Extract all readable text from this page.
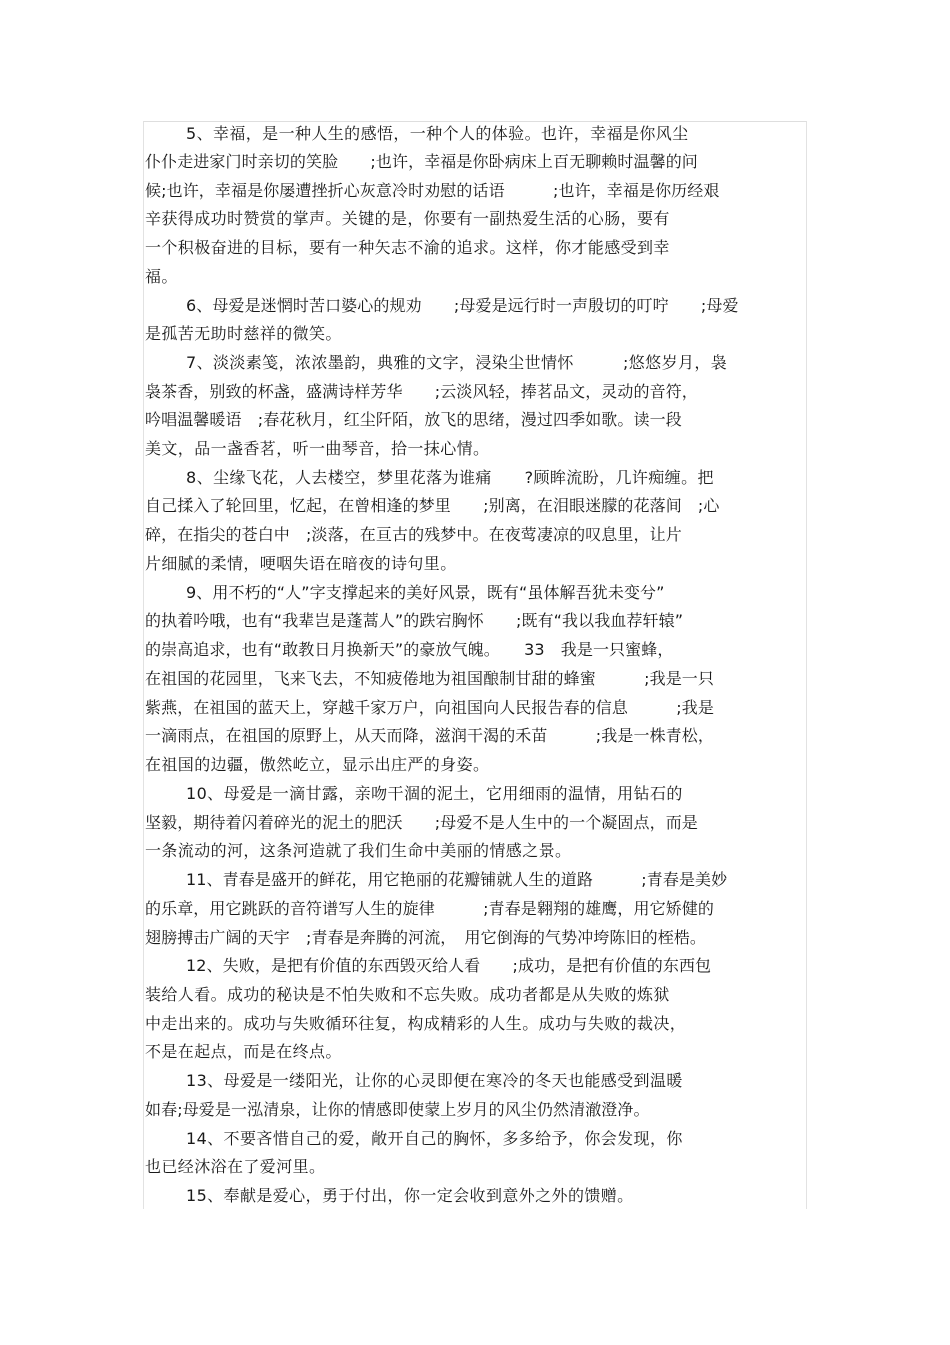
5、幸福，是一种人生的感悟，一种个人的体验。也许，幸福是你风尘
仆仆走进家门时亲切的笑脸　　;也许，幸福是你卧病床上百无聊赖时温馨的问
候;也许，幸福是你屡遭挫折心灰意冷时劝慰的话语　　　;也许，幸福是你历经艰
辛获得成功时赞赏的掌声。关键的是，你要有一副热爱生活的心肠，要有
一个积极奋进的目标，要有一种矢志不渝的追求。这样，你才能感受到幸
福。
6、母爱是迷惘时苦口婆心的规劝　　;母爱是远行时一声殷切的叮咛　　;母爱
是孤苦无助时慈祥的微笑。
7、淡淡素笺，浓浓墨韵，典雅的文字，浸染尘世情怀　　　;悠悠岁月，袅
袅茶香，别致的杯盏，盛满诗样芳华　　;云淡风轻，捧茗品文，灵动的音符，
吟唱温馨暖语　;春花秋月，红尘阡陌，放飞的思绪，漫过四季如歌。读一段
美文，品一盏香茗，听一曲琴音，拾一抹心情。
8、尘缘飞花，人去楼空，梦里花落为谁痛　　?顾眸流盼，几许痴缠。把
自己揉入了轮回里，忆起，在曾相逢的梦里　　;别离，在泪眼迷朦的花落间　;心
碎，在指尖的苍白中　;淡落，在亘古的残梦中。在夜莺凄凉的叹息里，让片
片细腻的柔情，哽咽失语在暗夜的诗句里。
9、用不朽的“人”字支撑起来的美好风景，既有“虽体解吾犹未变兮”
的执着吟哦，也有“我辈岂是蓬蒿人”的跌宕胸怀　　;既有“我以我血荐轩辕”
的崇高追求，也有“敢教日月换新天”的豪放气魄。　　33　我是一只蜜蜂，
在祖国的花园里，飞来飞去，不知疲倦地为祖国酿制甘甜的蜂蜜　　　;我是一只
紫燕，在祖国的蓝天上，穿越千家万户，向祖国向人民报告春的信息　　　;我是
一滴雨点，在祖国的原野上，从天而降，滋润干渴的禾苗　　　;我是一株青松，
在祖国的边疆，傲然屹立，显示出庄严的身姿。
10、母爱是一滴甘露，亲吻干涸的泥土，它用细雨的温情，用钻石的
坚毅，期待着闪着碎光的泥土的肥沃　　;母爱不是人生中的一个凝固点，而是
一条流动的河，这条河造就了我们生命中美丽的情感之景。
11、青春是盛开的鲜花，用它艳丽的花瓣铺就人生的道路　　　;青春是美妙
的乐章，用它跳跃的音符谱写人生的旋律　　　;青春是翱翔的雄鹰，用它矫健的
翅膀搏击广阔的天宇　;青春是奔腾的河流，　用它倒海的气势冲垮陈旧的桎梏。
12、失败，是把有价值的东西毁灭给人看　　;成功，是把有价值的东西包
装给人看。成功的秘诀是不怕失败和不忘失败。成功者都是从失败的炼狱
中走出来的。成功与失败循环往复，构成精彩的人生。成功与失败的裁决，
不是在起点，而是在终点。
13、母爱是一缕阳光，让你的心灵即便在寒冷的冬天也能感受到温暖
如春;母爱是一泓清泉，让你的情感即使蒙上岁月的风尘仍然清澈澄净。
14、不要吝惜自己的爱，敞开自己的胸怀，多多给予，你会发现，你
也已经沐浴在了爱河里。
15、奉献是爱心，勇于付出，你一定会收到意外之外的馈赠。
